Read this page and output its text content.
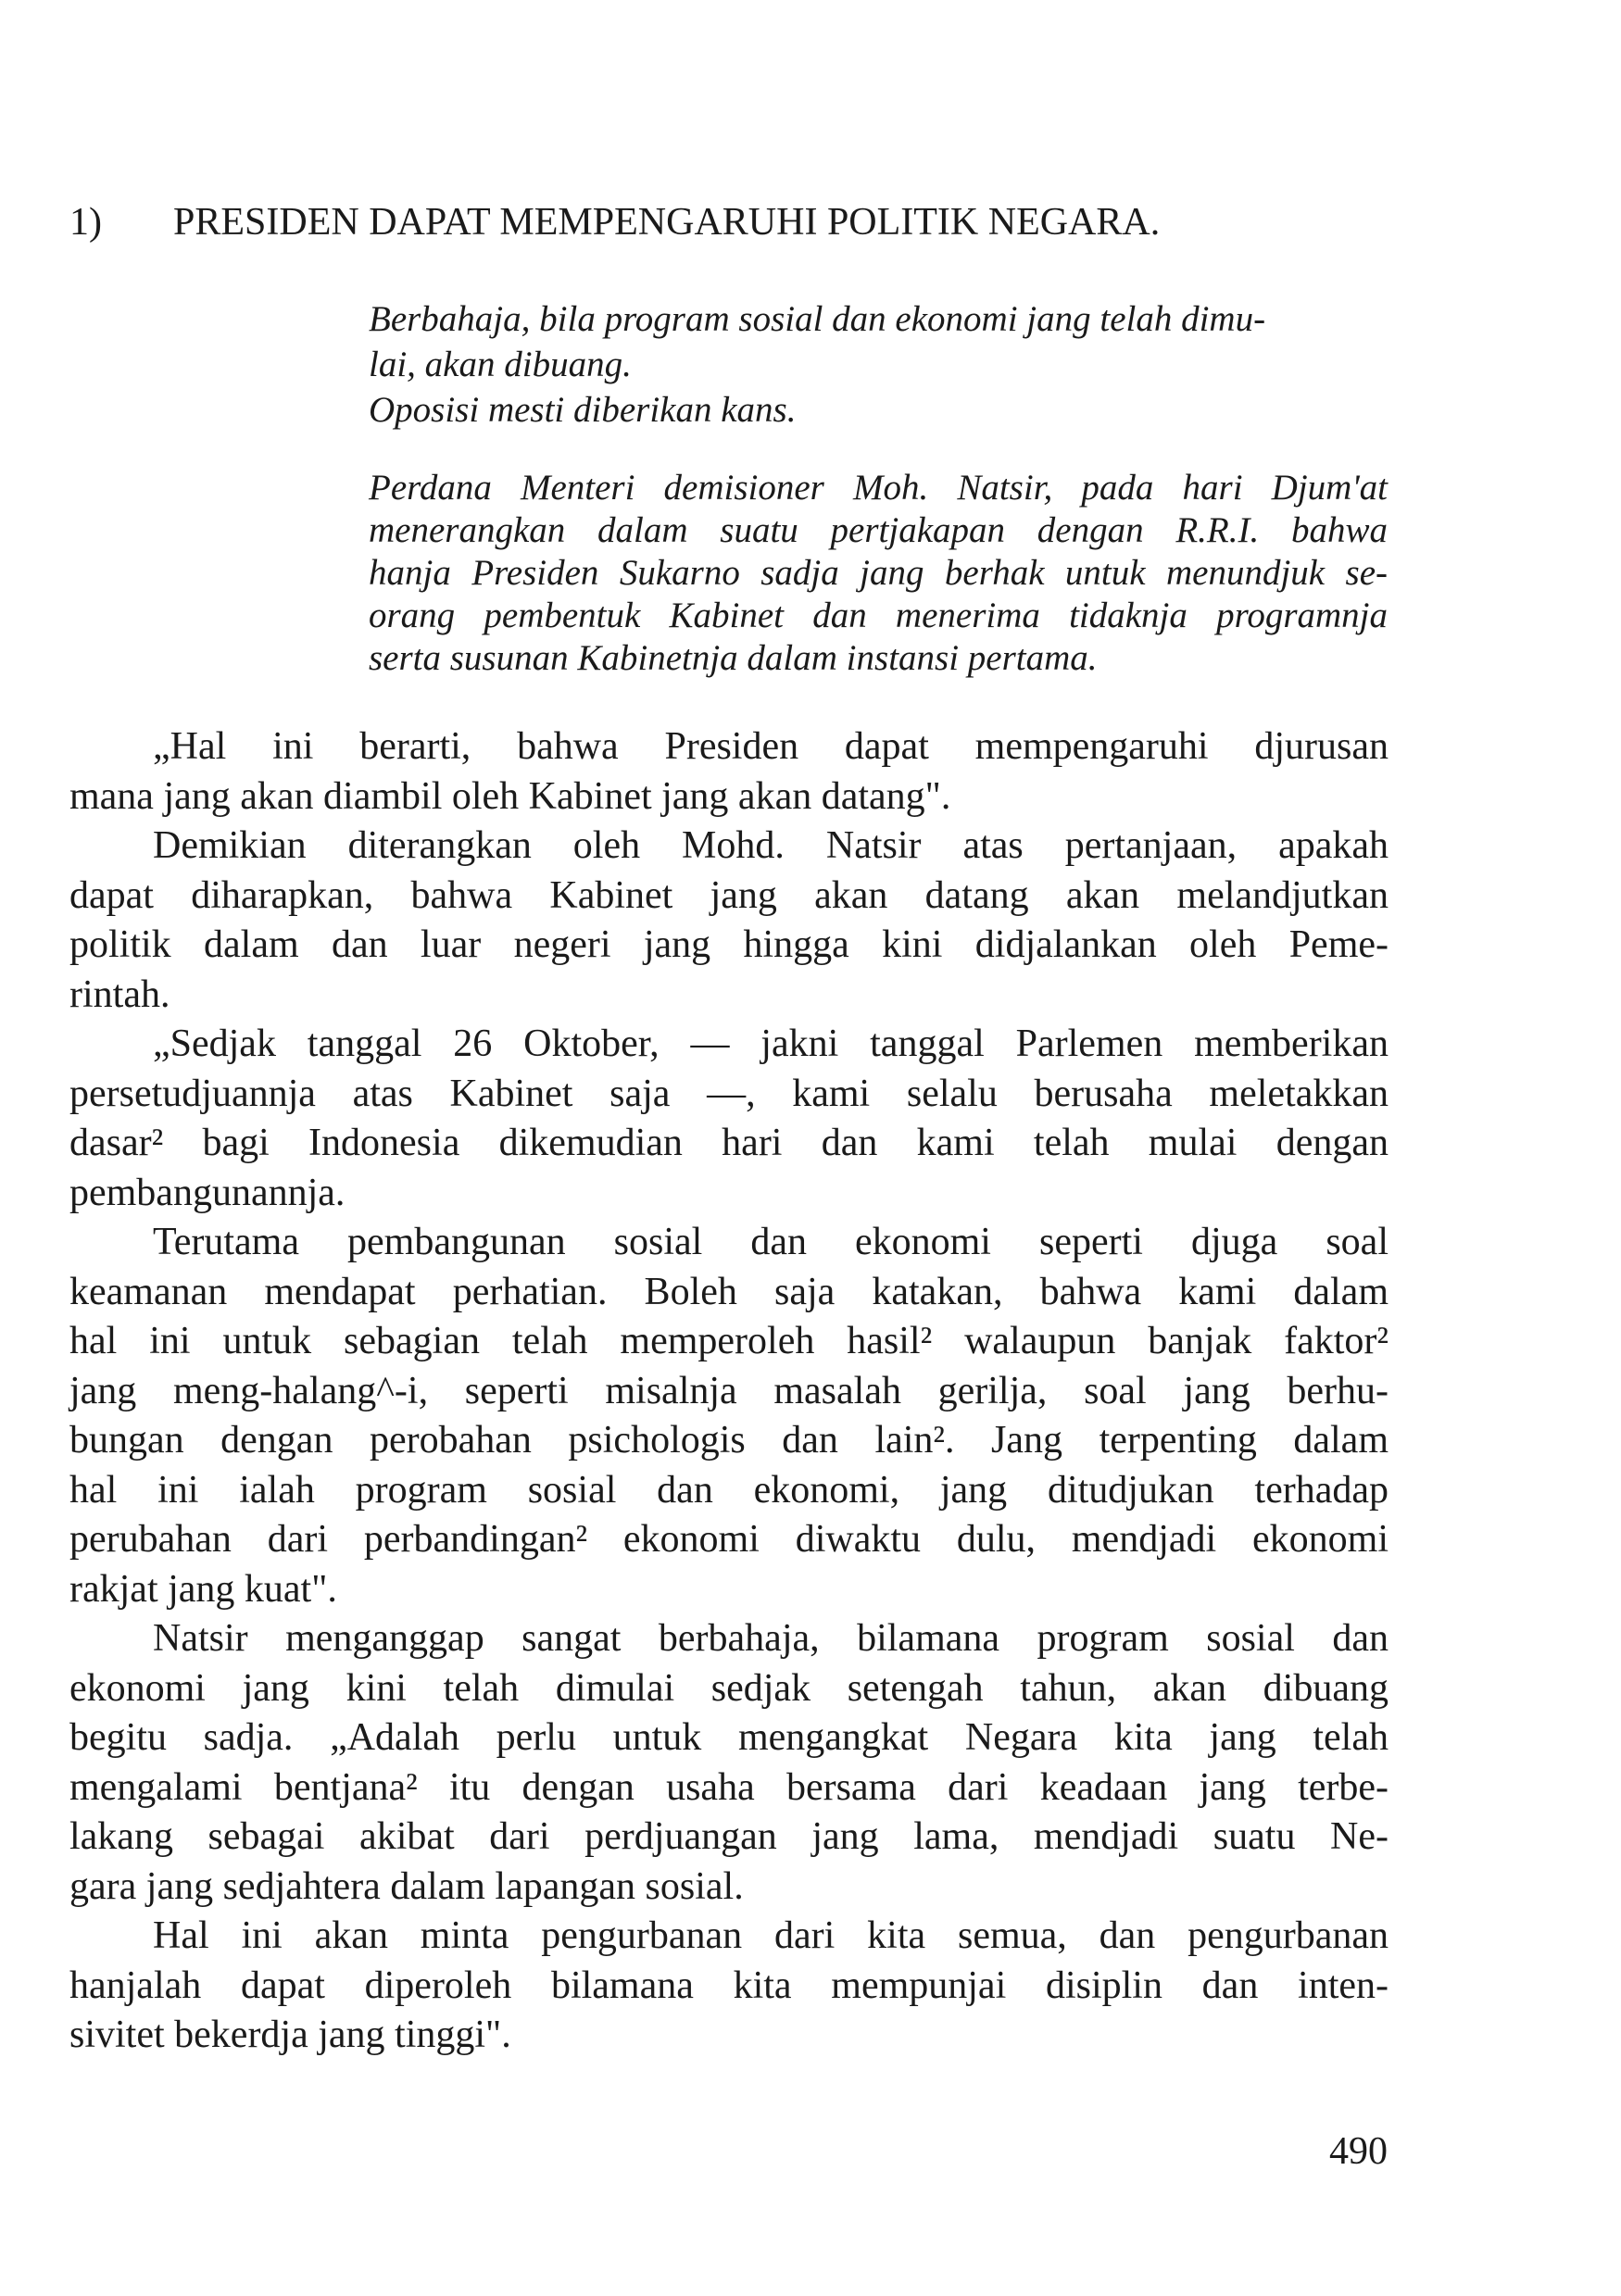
1) PRESIDEN DAPAT MEMPENGARUHI POLITIK NEGARA.
Berbahaja, bila program sosial dan ekonomi jang telah dimu-
lai, akan dibuang.
Oposisi mesti diberikan kans.
Perdana Menteri demisioner Moh. Natsir, pada hari Djum'at
menerangkan dalam suatu pertjakapan dengan R.R.I. bahwa
hanja Presiden Sukarno sadja jang berhak untuk menundjuk se-
orang pembentuk Kabinet dan menerima tidaknja programnja
serta susunan Kabinetnja dalam instansi pertama.
„Hal ini berarti, bahwa Presiden dapat mempengaruhi djurusan
mana jang akan diambil oleh Kabinet jang akan datang".
Demikian diterangkan oleh Mohd. Natsir atas pertanjaan, apakah
dapat diharapkan, bahwa Kabinet jang akan datang akan melandjutkan
politik dalam dan luar negeri jang hingga kini didjalankan oleh Peme-
rintah.
„Sedjak tanggal 26 Oktober, — jakni tanggal Parlemen memberikan
persetudjuannja atas Kabinet saja —, kami selalu berusaha meletakkan
dasar² bagi Indonesia dikemudian hari dan kami telah mulai dengan
pembangunannja.
Terutama pembangunan sosial dan ekonomi seperti djuga soal
keamanan mendapat perhatian. Boleh saja katakan, bahwa kami dalam
hal ini untuk sebagian telah memperoleh hasil² walaupun banjak faktor²
jang meng-halang^-i, seperti misalnja masalah gerilja, soal jang berhu-
bungan dengan perobahan psichologis dan lain². Jang terpenting dalam
hal ini ialah program sosial dan ekonomi, jang ditudjukan terhadap
perubahan dari perbandingan² ekonomi diwaktu dulu, mendjadi ekonomi
rakjat jang kuat".
Natsir menganggap sangat berbahaja, bilamana program sosial dan
ekonomi jang kini telah dimulai sedjak setengah tahun, akan dibuang
begitu sadja. „Adalah perlu untuk mengangkat Negara kita jang telah
mengalami bentjana² itu dengan usaha bersama dari keadaan jang terbe-
lakang sebagai akibat dari perdjuangan jang lama, mendjadi suatu Ne-
gara jang sedjahtera dalam lapangan sosial.
Hal ini akan minta pengurbanan dari kita semua, dan pengurbanan
hanjalah dapat diperoleh bilamana kita mempunjai disiplin dan inten-
sivitet bekerdja jang tinggi".
490
